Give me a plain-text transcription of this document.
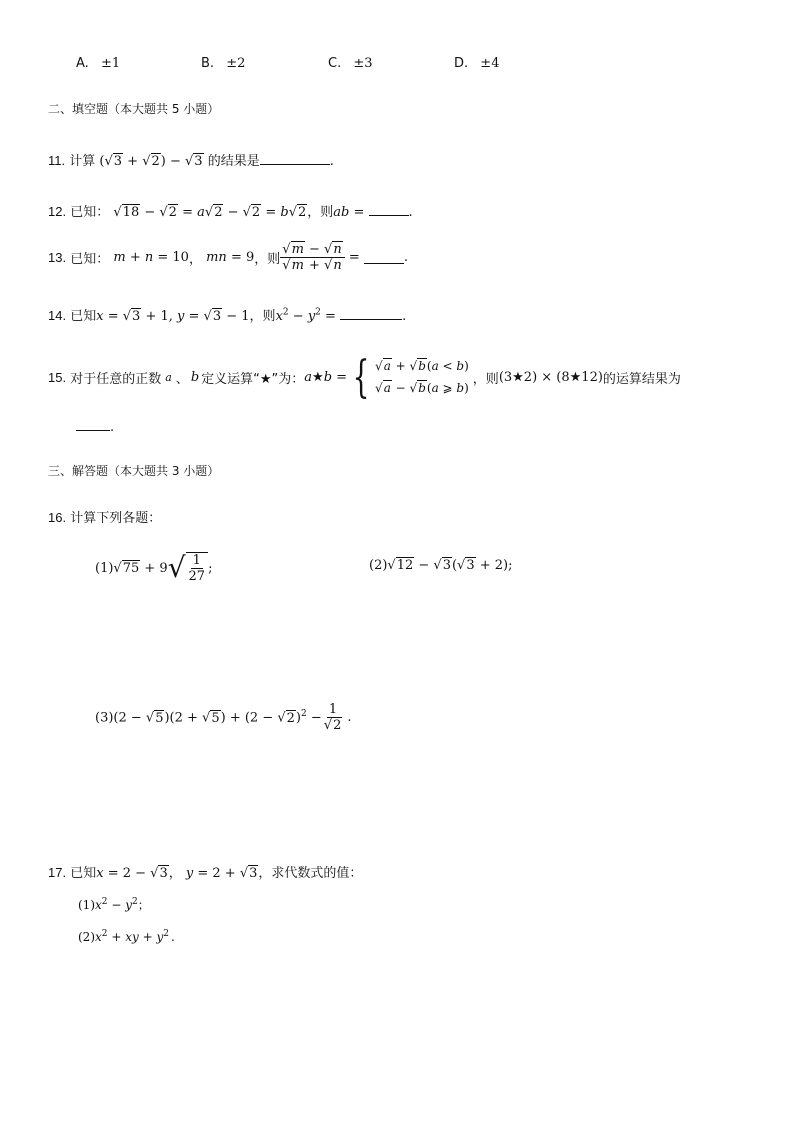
A. ±1	B. ±2	C. ±3	D. ±4
二、填空题（本大题共 5 小题）
11. 计算 (√3 + √2) − √3 的结果是	.
12. 已知： √18 − √2 = a√2 − √2 = b√2，则ab =	.
13. 已知： m + n = 10， mn = 9，则 $\frac{√m - √n}{√m + √n}$ =	.
14. 已知x = √3 + 1, y = √3 − 1，则$x^2 - y^2$ =	.
15.
对于任意的正数 a 、 b 定义运算“★”为： a★b = { √a + √b(a < b)
√a − √b(a ⩾ b)
，则 (3★2) × (8★12) 的运算结果为
.
三、解答题（本大题共 3 小题）
16. 计算下列各题：
(1)√75 + 9 √ $\frac{1}{27}$ ;	(2)√12 − √3(√3 + 2);
$(3)(2 - √5)(2 + √5) + (2 - √2)^2 - \frac{1}{√2}$ .
17. 已知x = 2 − √3， y = 2 + √3，求代数式的值：
$(1)x^2 - y^2$；
$(2)x^2$ + xy + $y^2$ .
